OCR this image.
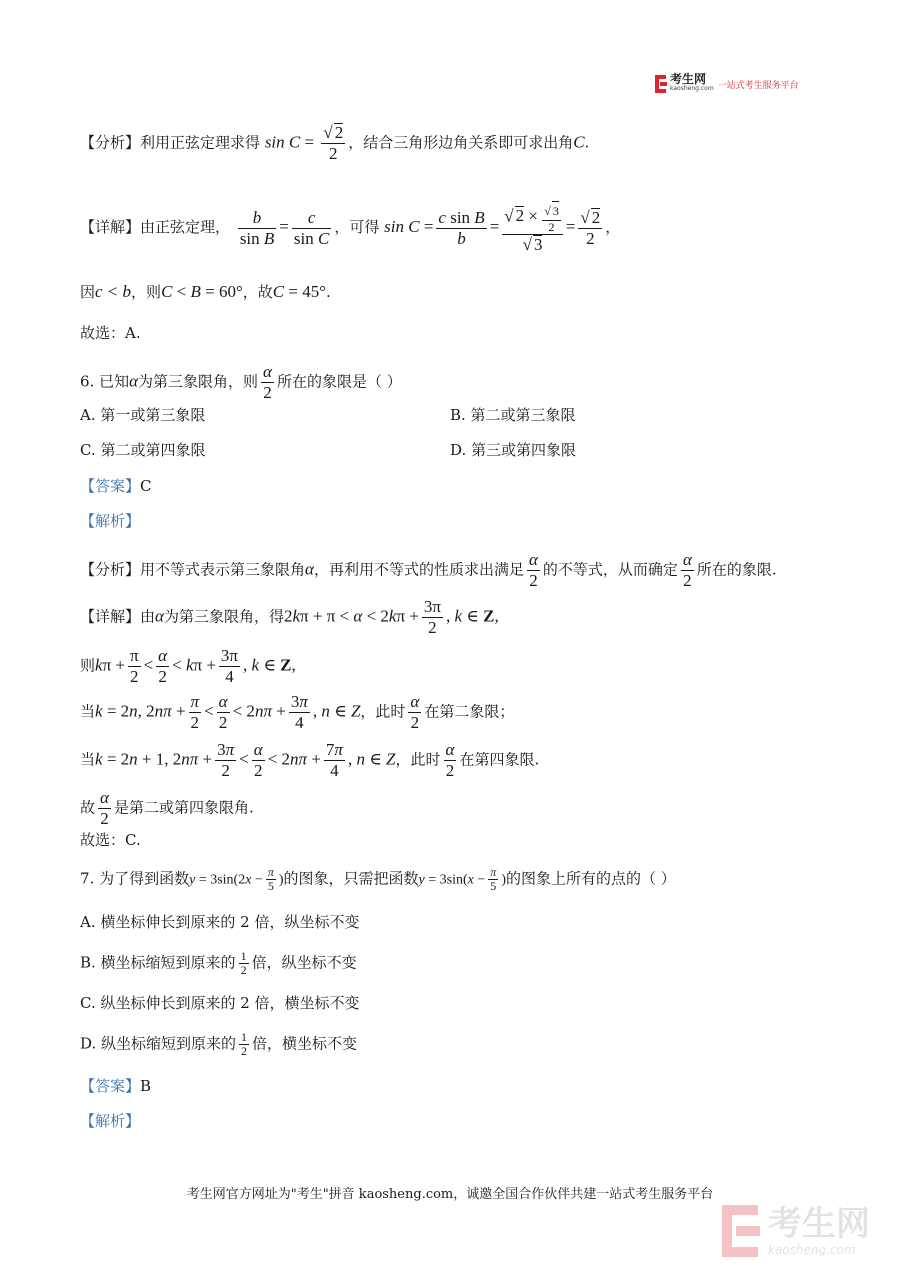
考生网
kaosheng.com 一站式考生服务平台
【分析】利用正弦定理求得 $\sin C = \frac{√ 2}{2}$ ，结合三角形边角关系即可求出角C.
【详解】由正弦定理， $\frac{b}{\text{sin B}} = \frac{c}{\text{sin C}}$ ，可得 $\sin C = \frac{\text{c sin B}}{b} = \frac{√ 2 \times \frac{√ 3}{2}}{√ 3} = \frac{√ 2}{2}$ ，
因c < b，则C < B = 60°，故C = 45°.
故选：A.
6. 已知α为第三象限角，则 $\frac{\alpha}{2}$ 所在的象限是（ ）
A. 第一或第三象限	B. 第二或第三象限
C. 第二或第四象限	D. 第三或第四象限
【答案】C
【解析】
【分析】用不等式表示第三象限角α，再利用不等式的性质求出满足 $\frac{\alpha}{2}$ 的不等式，从而确定 $\frac{\alpha}{2}$ 所在的象限.
【详解】由α为第三象限角，得$2k\pi + \pi < \alpha < 2k\pi + \frac{3\pi}{2}$ , k ∈ Z,
则$k\pi + \frac{\pi}{2} < \frac{\alpha}{2} < k\pi + \frac{3\pi}{4}$ , k ∈ Z,
当k = 2n, $2n\pi + \frac{\pi}{2} < \frac{\alpha}{2} < 2n\pi + \frac{3\pi}{4}$ , n ∈ Z，此时 $\frac{\alpha}{2}$ 在第二象限；
当k = 2n + 1, $2n\pi + \frac{3\pi}{2} < \frac{\alpha}{2} < 2n\pi + \frac{7\pi}{4}$ , n ∈ Z，此时 $\frac{\alpha}{2}$ 在第四象限.
故 $\frac{\alpha}{2}$ 是第二或第四象限角.
故选：C.
7. 为了得到函数$y = 3\sin(2x - \frac{\pi}{5}$ )的图象，只需把函数$y = 3\sin(x - \frac{\pi}{5}$ )的图象上所有的点的（ ）
A. 横坐标伸长到原来的 2 倍，纵坐标不变
B. 横坐标缩短到原来的 $\frac{1}{2}$ 倍，纵坐标不变
C. 纵坐标伸长到原来的 2 倍，横坐标不变
D. 纵坐标缩短到原来的 $\frac{1}{2}$ 倍，横坐标不变
【答案】B
【解析】
考生网官方网址为"考生"拼音 kaosheng.com，诚邀全国合作伙伴共建一站式考生服务平台
考生网
kaosheng.com
